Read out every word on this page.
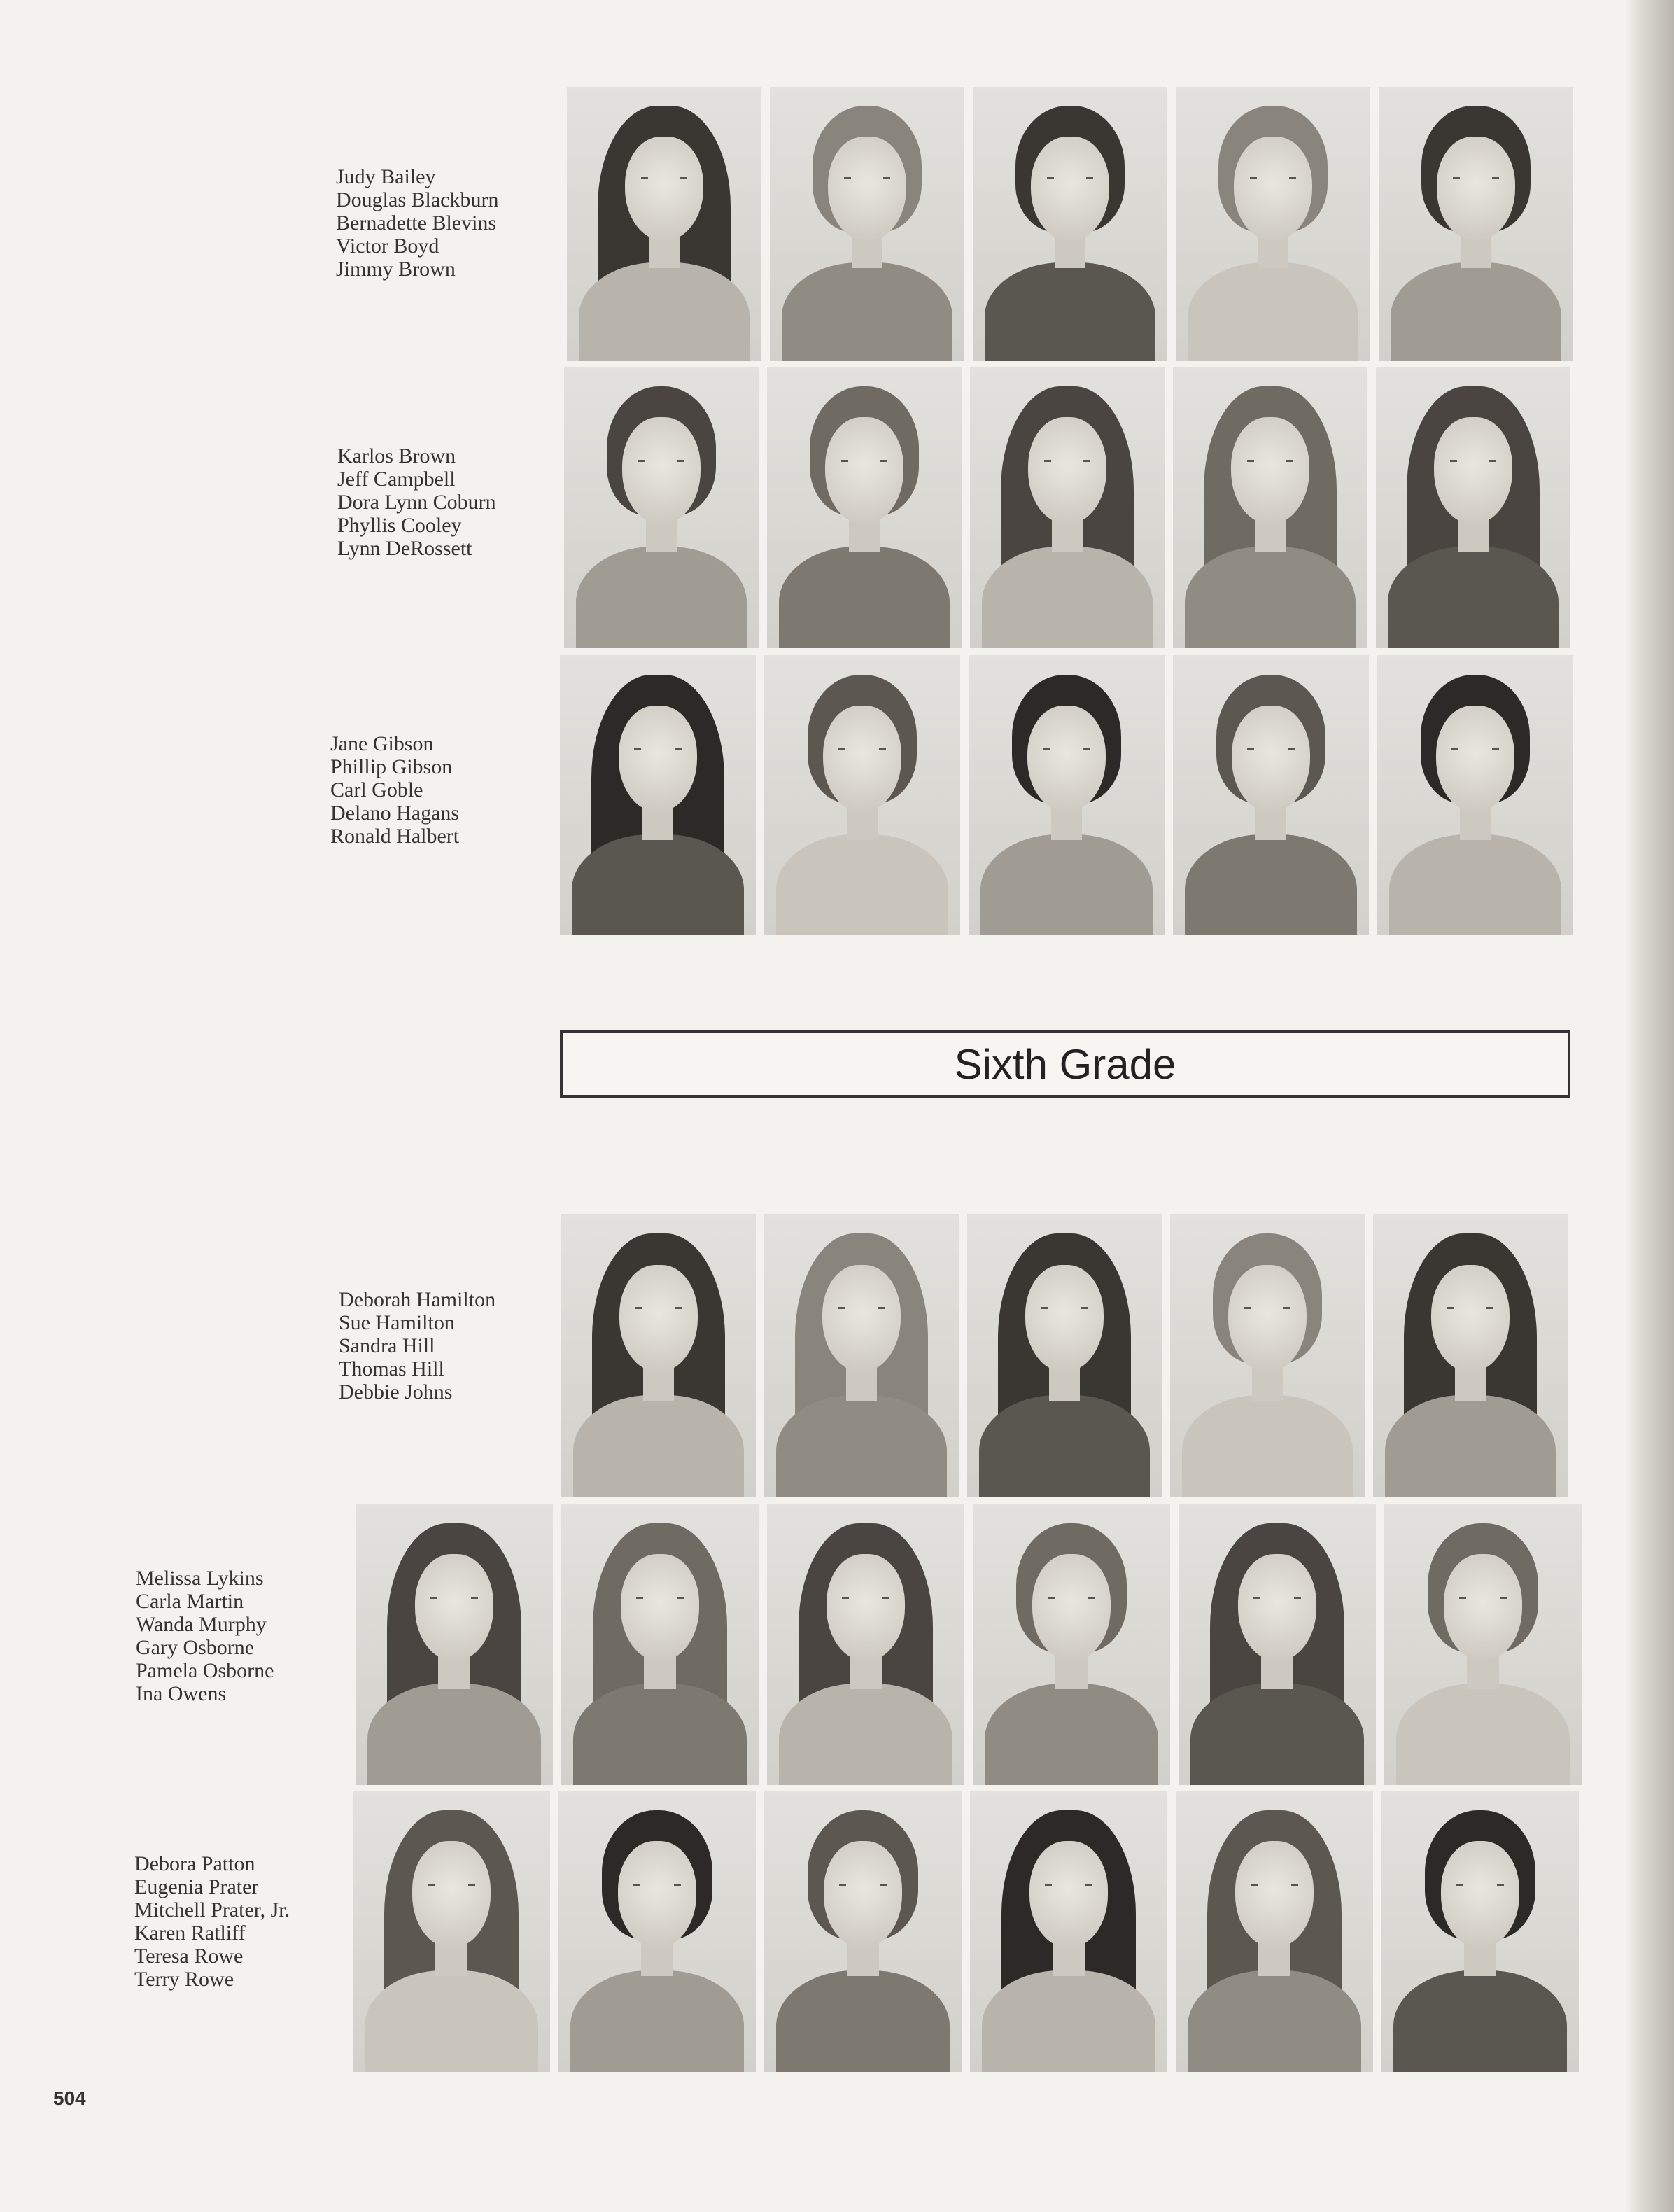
Judy Bailey
Douglas Blackburn
Bernadette Blevins
Victor Boyd
Jimmy Brown
Karlos Brown
Jeff Campbell
Dora Lynn Coburn
Phyllis Cooley
Lynn DeRossett
Jane Gibson
Phillip Gibson
Carl Goble
Delano Hagans
Ronald Halbert
Deborah Hamilton
Sue Hamilton
Sandra Hill
Thomas Hill
Debbie Johns
Melissa Lykins
Carla Martin
Wanda Murphy
Gary Osborne
Pamela Osborne
Ina Owens
Debora Patton
Eugenia Prater
Mitchell Prater, Jr.
Karen Ratliff
Teresa Rowe
Terry Rowe
Sixth Grade
504
